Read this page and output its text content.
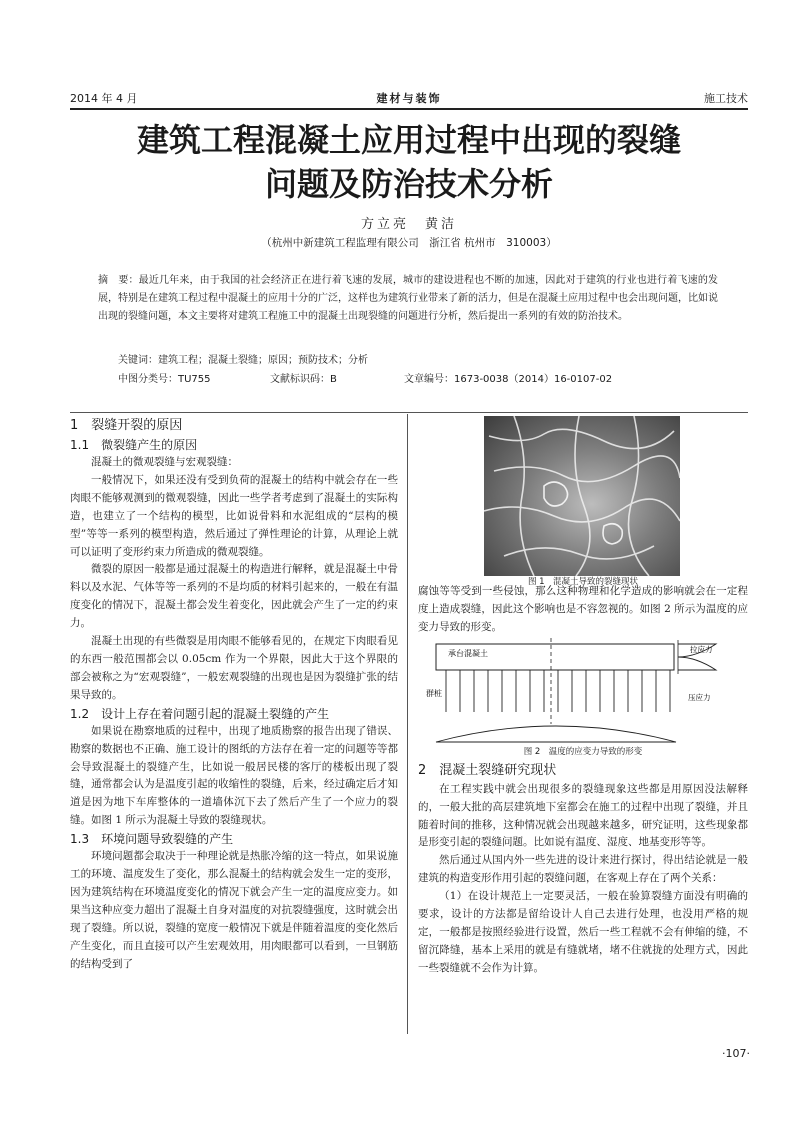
2014 年 4 月	建材与装饰	施工技术
建筑工程混凝土应用过程中出现的裂缝
问题及防治技术分析
方立亮　黄洁
（杭州中新建筑工程监理有限公司　浙江省 杭州市　310003）
摘　要：最近几年来，由于我国的社会经济正在进行着飞速的发展，城市的建设进程也不断的加速，因此对于建筑的行业也进行着飞速的发展，特别是在建筑工程过程中混凝土的应用十分的广泛，这样也为建筑行业带来了新的活力，但是在混凝土应用过程中也会出现问题，比如说出现的裂缝问题，本文主要将对建筑工程施工中的混凝土出现裂缝的问题进行分析，然后提出一系列的有效的防治技术。
关键词：建筑工程；混凝土裂缝；原因；预防技术；分析
中图分类号：TU755	文献标识码：B	文章编号：1673-0038（2014）16-0107-02
1　裂缝开裂的原因
1.1　微裂缝产生的原因

混凝土的微观裂缝与宏观裂缝：

一般情况下，如果还没有受到负荷的混凝土的结构中就会存在一些肉眼不能够观测到的微观裂缝，因此一些学者考虑到了混凝土的实际构造，也建立了一个结构的模型，比如说骨料和水泥组成的“层构的模型”等等一系列的模型构造，然后通过了弹性理论的计算，从理论上就可以证明了变形约束力所造成的微观裂缝。

微裂的原因一般都是通过混凝土的构造进行解释，就是混凝土中骨料以及水泥、气体等等一系列的不是均质的材料引起来的，一般在有温度变化的情况下，混凝土都会发生着变化，因此就会产生了一定的约束力。

混凝土出现的有些微裂是用肉眼不能够看见的，在规定下肉眼看见的东西一般范围都会以 0.05cm 作为一个界限，因此大于这个界限的部会被称之为“宏观裂缝”，一般宏观裂缝的出现也是因为裂缝扩张的结果导致的。

1.2　设计上存在着问题引起的混凝土裂缝的产生

如果说在勘察地质的过程中，出现了地质勘察的报告出现了错误、勘察的数据也不正确、施工设计的图纸的方法存在着一定的问题等等都会导致混凝土的裂缝产生，比如说一般居民楼的客厅的楼板出现了裂缝，通常都会认为是温度引起的收缩性的裂缝，后来，经过确定后才知道是因为地下车库整体的一道墙体沉下去了然后产生了一个应力的裂缝。如图 1 所示为混凝土导致的裂缝现状。

1.3　环境问题导致裂缝的产生

环境问题都会取决于一种理论就是热胀冷缩的这一特点，如果说施工的环境、温度发生了变化，那么混凝土的结构就会发生一定的变形，因为建筑结构在环境温度变化的情况下就会产生一定的温度应变力。如果当这种应变力超出了混凝土自身对温度的对抗裂缝强度，这时就会出现了裂缝。所以说，裂缝的宽度一般情况下就是伴随着温度的变化然后产生变化，而且直接可以产生宏观效用，用肉眼都可以看到，一旦钢筋的结构受到了

图 1　混凝土导致的裂缝现状

腐蚀等等受到一些侵蚀，那么这种物理和化学造成的影响就会在一定程度上造成裂缝，因此这个影响也是不容忽视的。如图 2 所示为温度的应变力导致的形变。

2　混凝土裂缝研究现状

在工程实践中就会出现很多的裂缝现象这些都是用原因没法解释的，一般大批的高层建筑地下室都会在施工的过程中出现了裂缝，并且随着时间的推移，这种情况就会出现越来越多，研究证明，这些现象都是形变引起的裂缝问题。比如说有温度、湿度、地基变形等等。

然后通过从国内外一些先进的设计来进行探讨，得出结论就是一般建筑的构造变形作用引起的裂缝问题，在客观上存在了两个关系：

（1）在设计规范上一定要灵活，一般在验算裂缝方面没有明确的要求，设计的方法都是留给设计人自己去进行处理，也没用严格的规定，一般都是按照经验进行设置，然后一些工程就不会有伸缩的缝，不留沉降缝，基本上采用的就是有缝就堵，堵不住就拢的处理方式，因此一些裂缝就不会作为计算。

承台混凝土
群桩
拉应力
压应力
图 2　温度的应变力导致的形变
·107·
